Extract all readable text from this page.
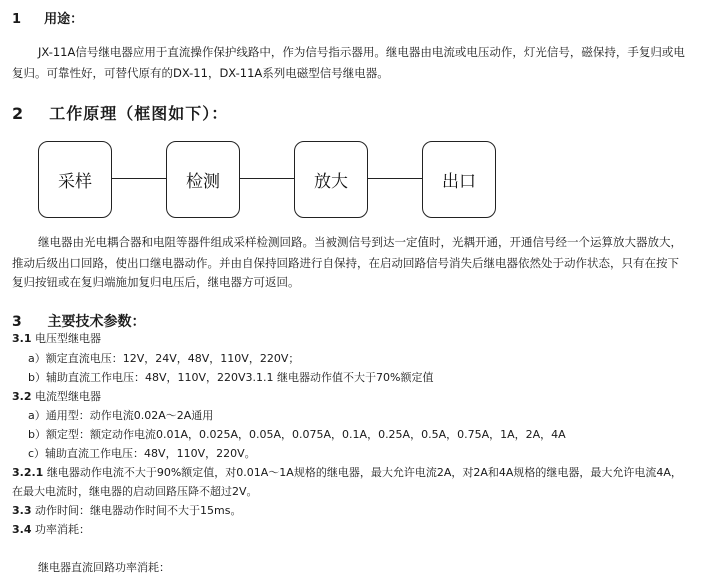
1 用途：
JX-11A信号继电器应用于直流操作保护线路中，作为信号指示器用。继电器由电流或电压动作，灯光信号，磁保持，手复归或电
复归。可靠性好，可替代原有的DX-11，DX-11A系列电磁型信号继电器。
2 工作原理（框图如下）：
采样	检测	放大	出口
继电器由光电耦合器和电阻等器件组成采样检测回路。当被测信号到达一定值时，光耦开通，开通信号经一个运算放大器放大，
推动后级出口回路，使出口继电器动作。并由自保持回路进行自保持，在启动回路信号消失后继电器依然处于动作状态，只有在按下
复归按钮或在复归端施加复归电压后，继电器方可返回。
3 主要技术参数：
3.1 电压型继电器
a）额定直流电压：12V，24V，48V，110V，220V；
b）辅助直流工作电压：48V，110V，220V3.1.1 继电器动作值不大于70%额定值
3.2 电流型继电器
a）通用型：动作电流0.02A～2A通用
b）额定型：额定动作电流0.01A，0.025A，0.05A，0.075A，0.1A，0.25A，0.5A，0.75A，1A，2A，4A
c）辅助直流工作电压：48V，110V，220V。
3.2.1 继电器动作电流不大于90%额定值，对0.01A～1A规格的继电器，最大允许电流2A，对2A和4A规格的继电器，最大允许电流4A，
在最大电流时，继电器的启动回路压降不超过2V。
3.3 动作时间：继电器动作时间不大于15ms。
3.4 功率消耗：
继电器直流回路功率消耗：
